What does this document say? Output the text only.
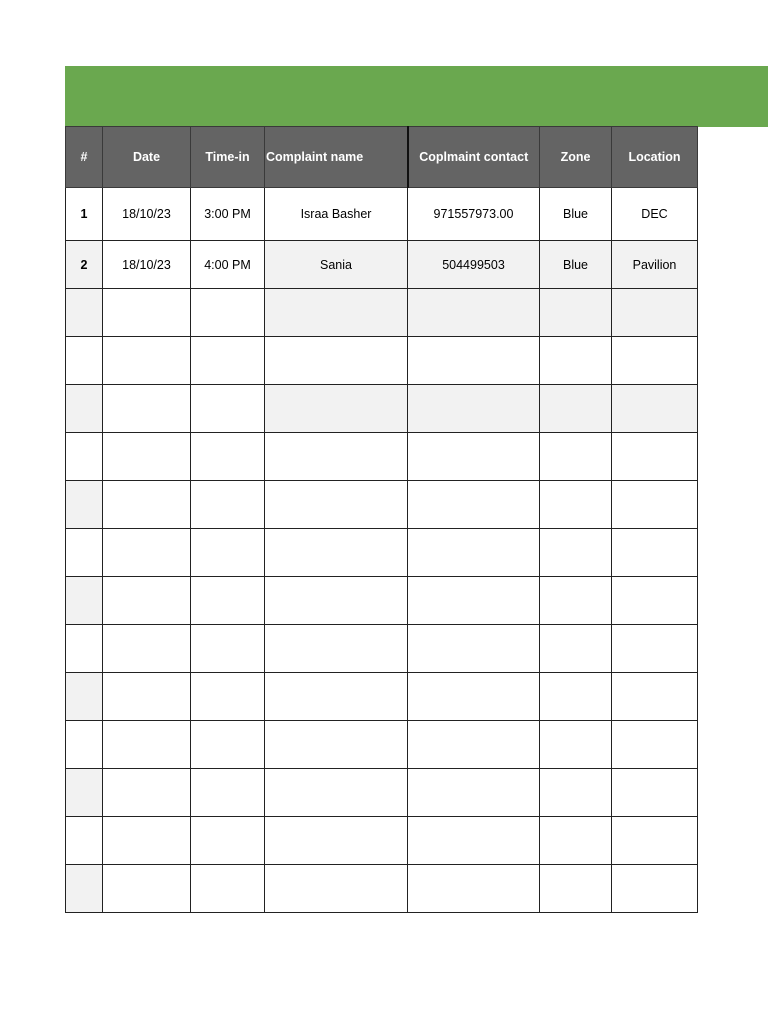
#	Date	Time-in	Complaint name	Coplmaint contact	Zone	Location
1	18/10/23	3:00 PM	Israa Basher	971557973.00	Blue	DEC
2	18/10/23	4:00 PM	Sania	504499503	Blue	Pavilion
